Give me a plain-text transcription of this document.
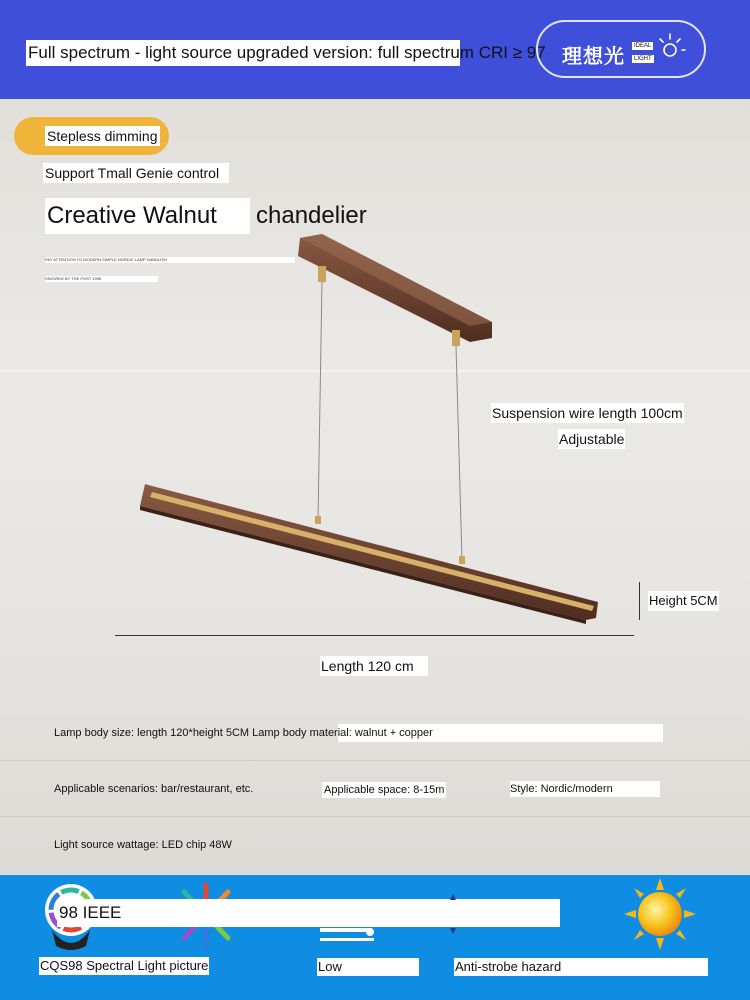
Full spectrum - light source upgraded version: full spectrum CRI ≥ 97 理想光	IDEAL
LIGHT
Stepless dimming
Support Tmall Genie control
Creative Walnut	chandelier
PAY ATTENTION TO MODERN SIMPLE NORDIC LAMP DANDLISH
FAVORED BY THE POST 1995
Suspension wire length 100cm
Adjustable
Height 5CM
Length 120 cm
Lamp body size: length 120*height 5CM Lamp body material: walnut + copper
Applicable scenarios: bar/restaurant, etc.	Applicable space: 8-15m	Style: Nordic/modern
Light source wattage: LED chip 48W
98 IEEE
CQS98 Spectral Light picture	Low	Anti-strobe hazard
